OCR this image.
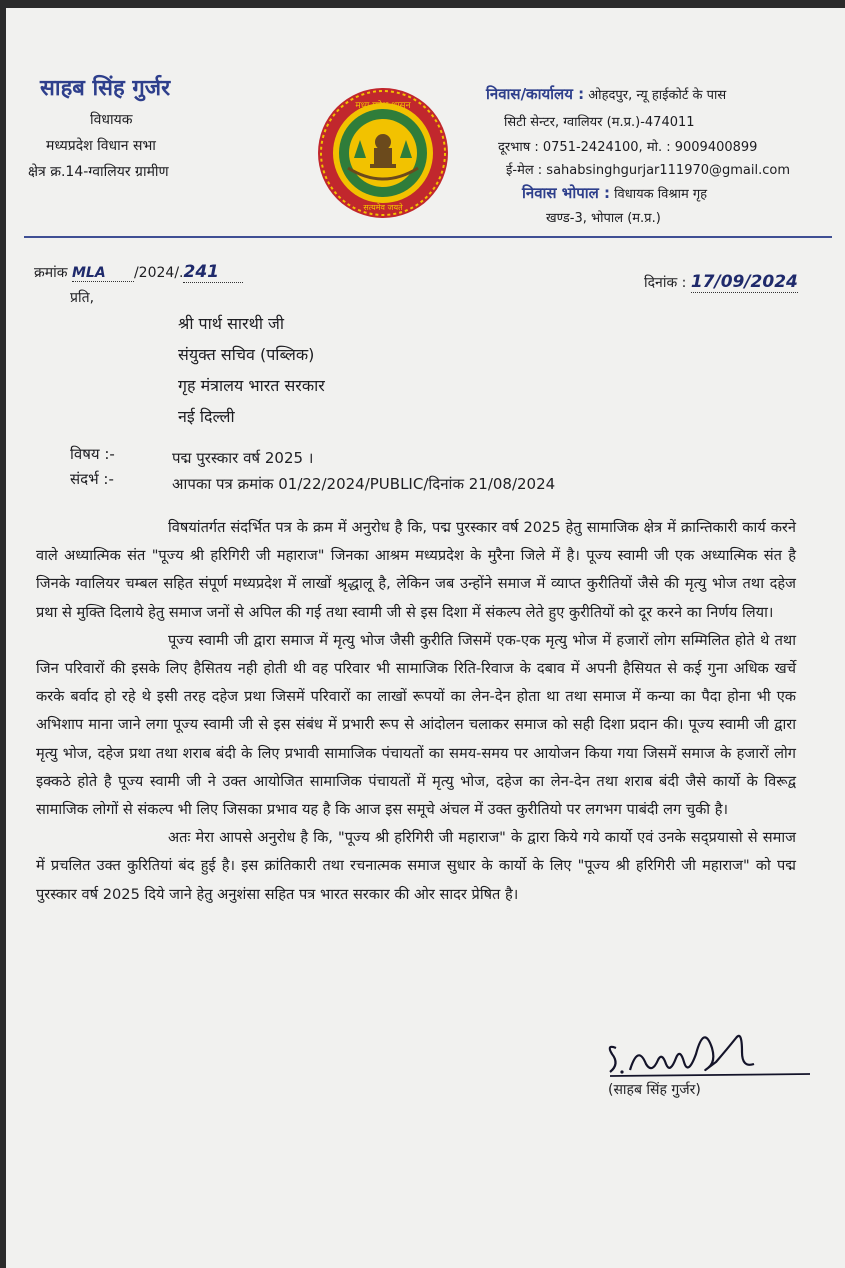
साहब सिंह गुर्जर
विधायक
मध्यप्रदेश विधान सभा
क्षेत्र क्र.14-ग्वालियर ग्रामीण
मध्य प्रदेश शासन
सत्यमेव जयते
निवास/कार्यालय : ओहदपुर, न्यू हाईकोर्ट के पास
सिटी सेन्टर, ग्वालियर (म.प्र.)-474011
दूरभाष : 0751-2424100, मो. : 9009400899
ई-मेल : sahabsinghgurjar111970@gmail.com
निवास भोपाल : विधायक विश्राम गृह
खण्ड-3, भोपाल (म.प्र.)
क्रमांक MLA /2024/.241
दिनांक : 17/09/2024
प्रति,
श्री पार्थ सारथी जी
संयुक्त सचिव (पब्लिक)
गृह मंत्रालय भारत सरकार
नई दिल्ली
विषय :-	पद्म पुरस्कार वर्ष 2025 ।
संदर्भ :-	आपका पत्र क्रमांक 01/22/2024/PUBLIC/दिनांक 21/08/2024

विषयांतर्गत संदर्भित पत्र के क्रम में अनुरोध है कि, पद्म पुरस्कार वर्ष 2025 हेतु सामाजिक क्षेत्र में क्रान्तिकारी कार्य करने वाले अध्यात्मिक संत "पूज्य श्री हरिगिरी जी महाराज" जिनका आश्रम मध्यप्रदेश के मुरैना जिले में है। पूज्य स्वामी जी एक अध्यात्मिक संत है जिनके ग्वालियर चम्बल सहित संपूर्ण मध्यप्रदेश में लाखों श्रृद्धालू है, लेकिन जब उन्होंने समाज में व्याप्त कुरीतियों जैसे की मृत्यु भोज तथा दहेज प्रथा से मुक्ति दिलाये हेतु समाज जनों से अपिल की गई तथा स्वामी जी से इस दिशा में संकल्प लेते हुए कुरीतियों को दूर करने का निर्णय लिया।

पूज्य स्वामी जी द्वारा समाज में मृत्यु भोज जैसी कुरीति जिसमें एक-एक मृत्यु भोज में हजारों लोग सम्मिलित होते थे तथा जिन परिवारों की इसके लिए हैसितय नही होती थी वह परिवार भी सामाजिक रिति-रिवाज के दबाव में अपनी हैसियत से कई गुना अधिक खर्चे करके बर्वाद हो रहे थे इसी तरह दहेज प्रथा जिसमें परिवारों का लाखों रूपयों का लेन-देन होता था तथा समाज में कन्या का पैदा होना भी एक अभिशाप माना जाने लगा पूज्य स्वामी जी से इस संबंध में प्रभारी रूप से आंदोलन चलाकर समाज को सही दिशा प्रदान की। पूज्य स्वामी जी द्वारा मृत्यु भोज, दहेज प्रथा तथा शराब बंदी के लिए प्रभावी सामाजिक पंचायतों का समय-समय पर आयोजन किया गया जिसमें समाज के हजारों लोग इक्कठे होते है पूज्य स्वामी जी ने उक्त आयोजित सामाजिक पंचायतों में मृत्यु भोज, दहेज का लेन-देन तथा शराब बंदी जैसे कार्यो के विरूद्व सामाजिक लोगों से संकल्प भी लिए जिसका प्रभाव यह है कि आज इस समूचे अंचल में उक्त कुरीतियो पर लगभग पाबंदी लग चुकी है।

अतः मेरा आपसे अनुरोध है कि, "पूज्य श्री हरिगिरी जी महाराज" के द्वारा किये गये कार्यो एवं उनके सद्प्रयासो से समाज में प्रचलित उक्त कुरितियां बंद हुई है। इस क्रांतिकारी तथा रचनात्मक समाज सुधार के कार्यो के लिए "पूज्य श्री हरिगिरी जी महाराज" को पद्म पुरस्कार वर्ष 2025 दिये जाने हेतु अनुशंसा सहित पत्र भारत सरकार की ओर सादर प्रेषित है।

(साहब सिंह गुर्जर)
